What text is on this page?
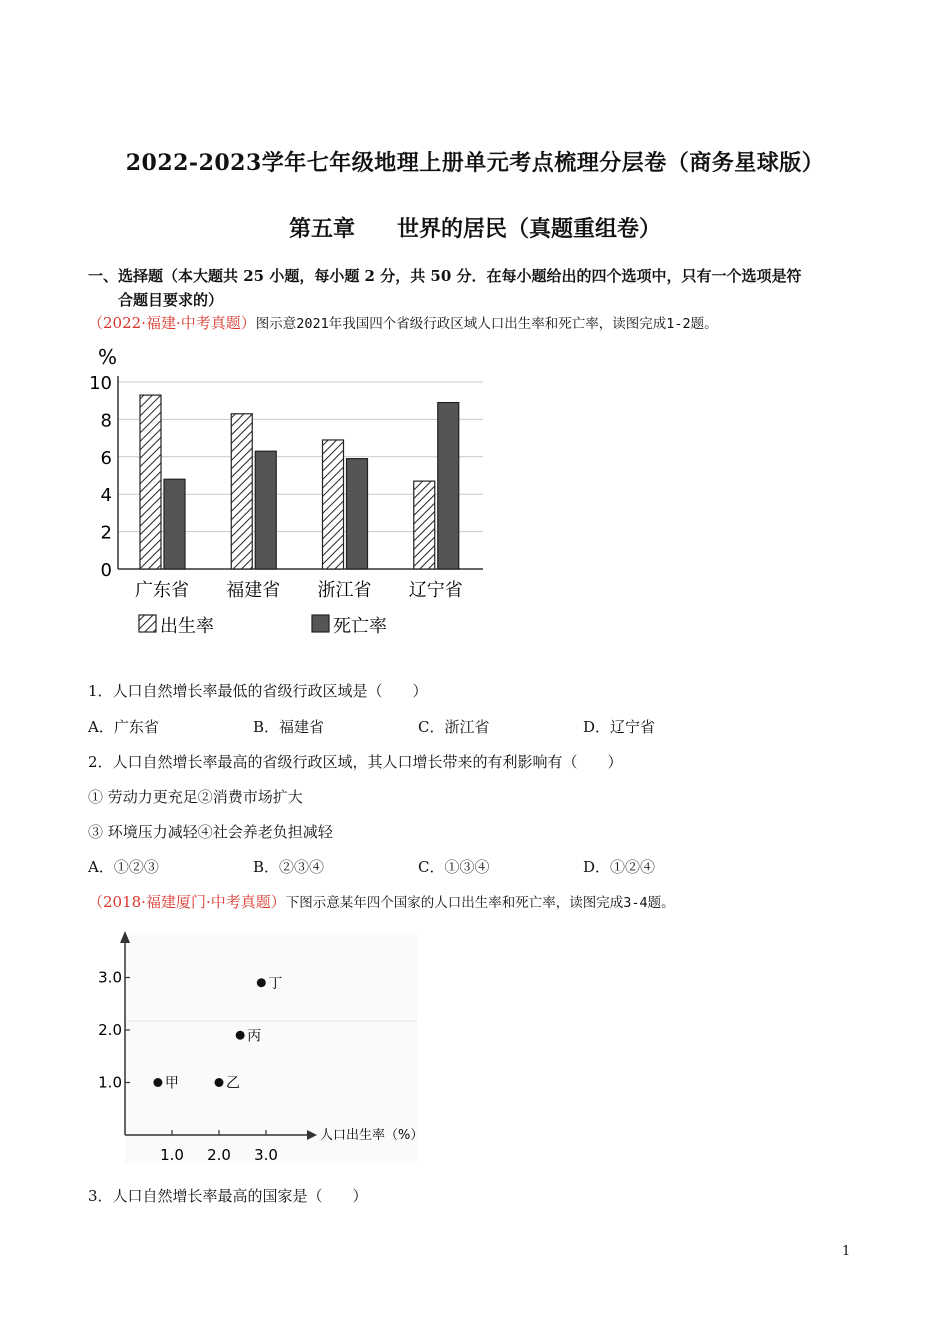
2022-2023学年七年级地理上册单元考点梳理分层卷（商务星球版）
第五章 世界的居民（真题重组卷）
一、选择题（本大题共 25 小题，每小题 2 分，共 50 分．在每小题给出的四个选项中，只有一个选项是符
合题目要求的）
（2022·福建·中考真题）图示意2021年我国四个省级行政区域人口出生率和死亡率，读图完成1-2题。
0
2
4
6
8
10
%
广东省 福建省 浙江省 辽宁省
出生率	死亡率
1．人口自然增长率最低的省级行政区域是（　　）
A．广东省	B．福建省	C．浙江省	D．辽宁省
2．人口自然增长率最高的省级行政区域，其人口增长带来的有利影响有（　　）
① 劳动力更充足②消费市场扩大
③ 环境压力减轻④社会养老负担减轻
A．①②③	B．②③④	C．①③④	D．①②④
（2018·福建厦门·中考真题）下图示意某年四个国家的人口出生率和死亡率，读图完成3-4题。
1.0 2.0 3.0
1.0
2.0
3.0
人口出生率（%）
甲	乙
丙
丁
3．人口自然增长率最高的国家是（　　）
1
